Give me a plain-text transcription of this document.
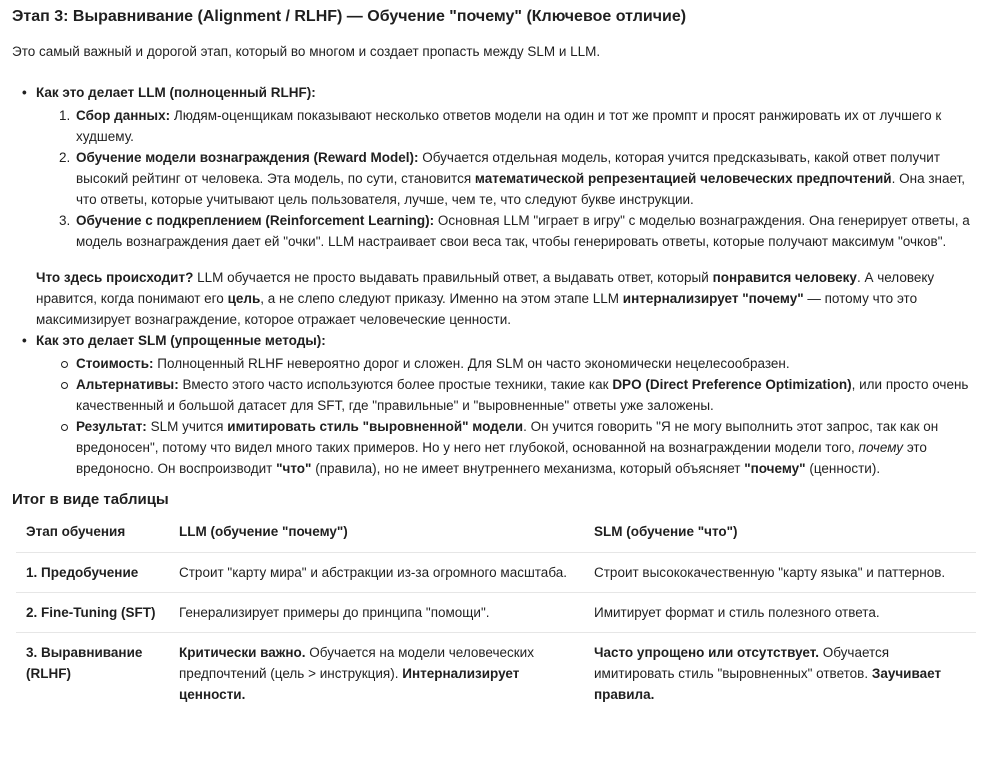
Этап 3: Выравнивание (Alignment / RLHF) — Обучение "почему" (Ключевое отличие)

Это самый важный и дорогой этап, который во многом и создает пропасть между SLM и LLM.

• Как это делает LLM (полноценный RLHF):
1. Сбор данных: Людям-оценщикам показывают несколько ответов модели на один и тот же промпт и просят ранжировать их от лучшего к худшему.
2. Обучение модели вознаграждения (Reward Model): Обучается отдельная модель, которая учится предсказывать, какой ответ получит высокий рейтинг от человека. Эта модель, по сути, становится математической репрезентацией человеческих предпочтений. Она знает, что ответы, которые учитывают цель пользователя, лучше, чем те, что следуют букве инструкции.
3. Обучение с подкреплением (Reinforcement Learning): Основная LLM "играет в игру" с моделью вознаграждения. Она генерирует ответы, а модель вознаграждения дает ей "очки". LLM настраивает свои веса так, чтобы генерировать ответы, которые получают максимум "очков".

Что здесь происходит? LLM обучается не просто выдавать правильный ответ, а выдавать ответ, который понравится человеку. А человеку нравится, когда понимают его цель, а не слепо следуют приказу. Именно на этом этапе LLM интернализирует "почему" — потому что это максимизирует вознаграждение, которое отражает человеческие ценности.

• Как это делает SLM (упрощенные методы):
Стоимость: Полноценный RLHF невероятно дорог и сложен. Для SLM он часто экономически нецелесообразен.
Альтернативы: Вместо этого часто используются более простые техники, такие как DPO (Direct Preference Optimization), или просто очень качественный и большой датасет для SFT, где "правильные" и "выровненные" ответы уже заложены.
Результат: SLM учится имитировать стиль "выровненной" модели. Он учится говорить "Я не могу выполнить этот запрос, так как он вредоносен", потому что видел много таких примеров. Но у него нет глубокой, основанной на вознаграждении модели того, почему это вредоносно. Он воспроизводит "что" (правила), но не имеет внутреннего механизма, который объясняет "почему" (ценности).
Итог в виде таблицы
Этап обучения	LLM (обучение "почему")	SLM (обучение "что")
1. Предобучение	Строит "карту мира" и абстракции из-за огромного масштаба.	Строит высококачественную "карту языка" и паттернов.
2. Fine-Tuning (SFT)	Генерализирует примеры до принципа "помощи".	Имитирует формат и стиль полезного ответа.
3. Выравнивание (RLHF)	Критически важно. Обучается на модели человеческих предпочтений (цель > инструкция). Интернализирует ценности.	Часто упрощено или отсутствует. Обучается имитировать стиль "выровненных" ответов. Заучивает правила.
